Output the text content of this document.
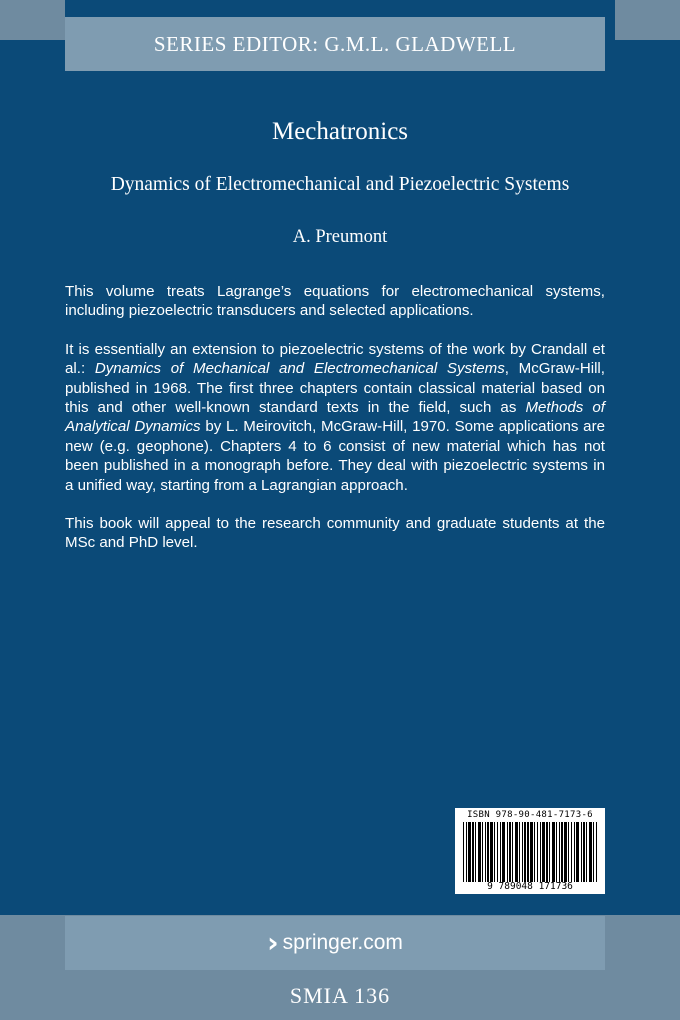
SERIES EDITOR: G.M.L. GLADWELL
Mechatronics
Dynamics of Electromechanical and Piezoelectric Systems
A. Preumont

This volume treats Lagrange’s equations for electromechanical systems, including piezoelectric transducers and selected applications.

It is essentially an extension to piezoelectric systems of the work by Crandall et al.: Dynamics of Mechanical and Electromechanical Systems, McGraw-Hill, published in 1968. The first three chapters contain classical material based on this and other well-known standard texts in the field, such as Methods of Analytical Dynamics by L. Meirovitch, McGraw-Hill, 1970. Some applications are new (e.g. geophone). Chapters 4 to 6 consist of new material which has not been published in a monograph before. They deal with piezoelectric systems in a unified way, starting from a Lagrangian approach.

This book will appeal to the research community and graduate students at the MSc and PhD level.

ISBN 978-90-481-7173-6
9 789048 171736
› springer.com
SMIA 136
